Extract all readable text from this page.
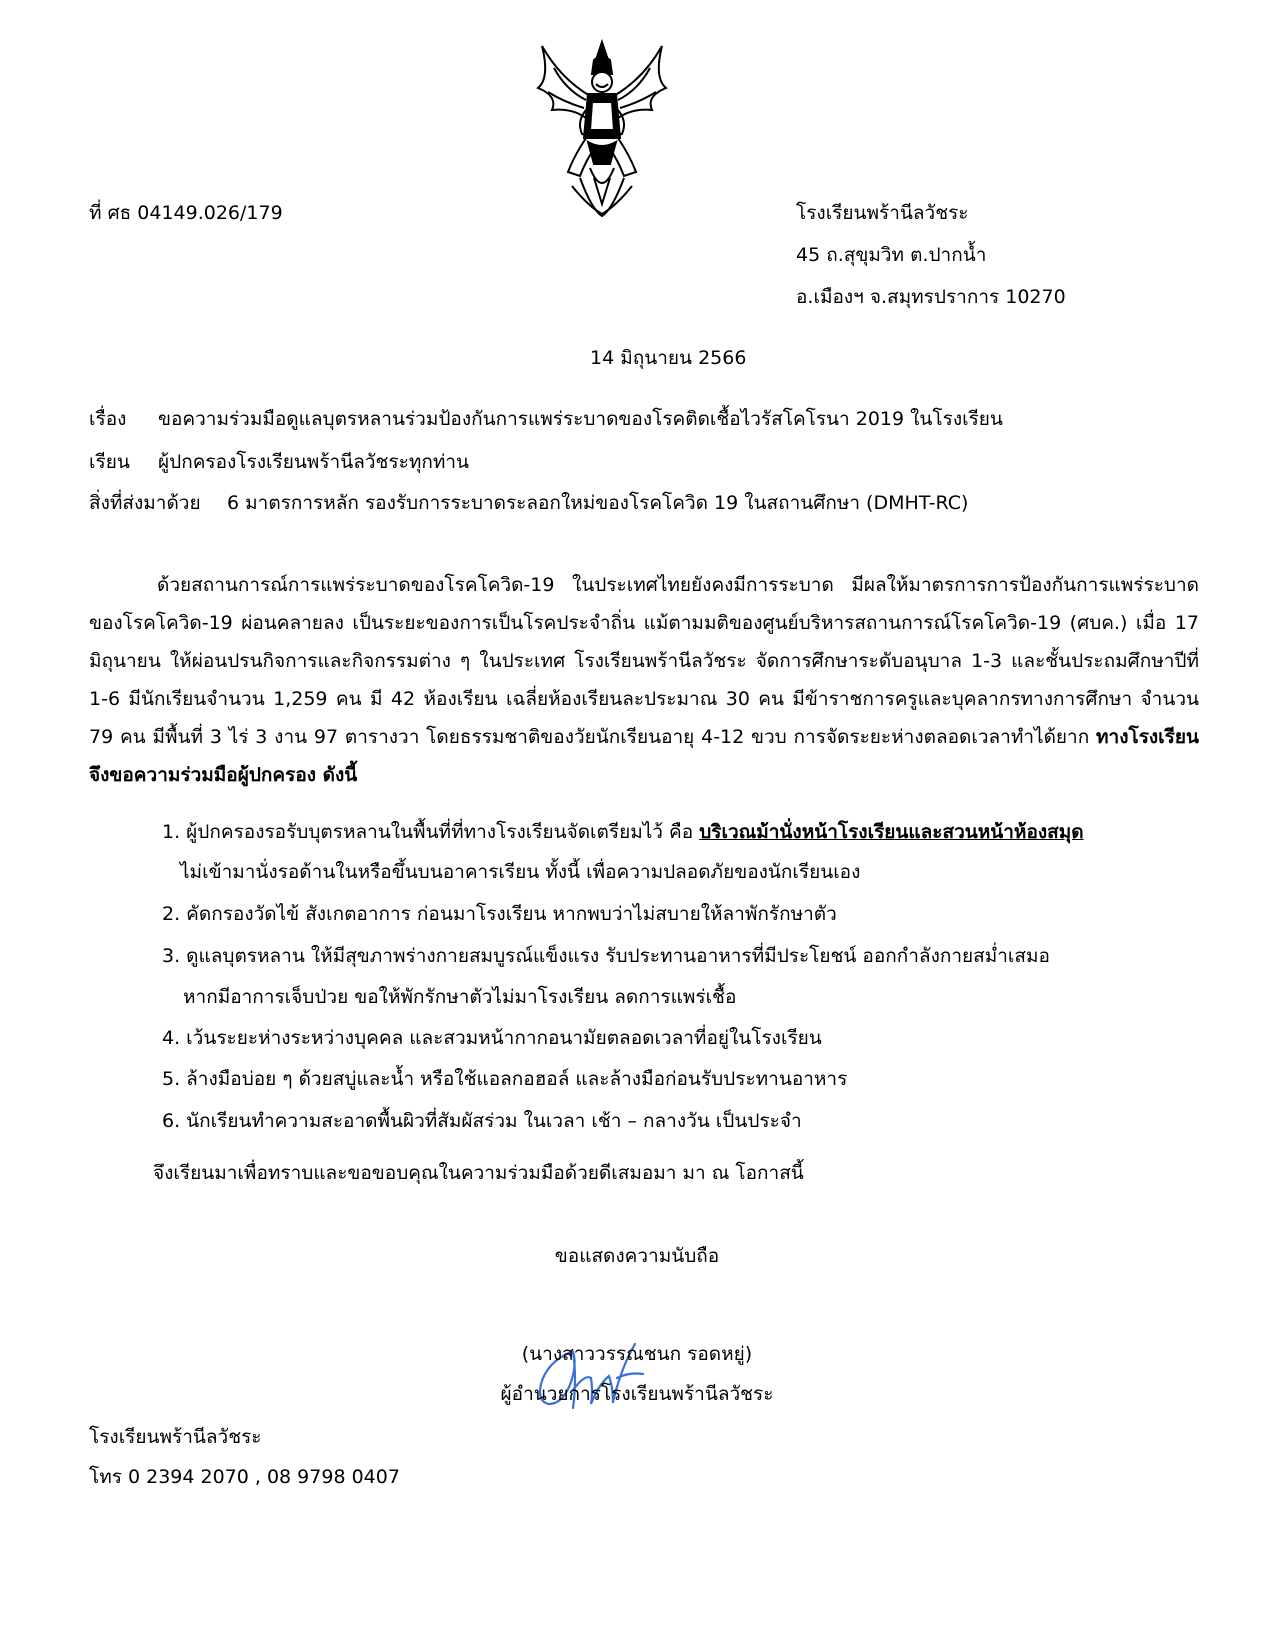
ที่ ศธ 04149.026/179	โรงเรียนพร้านีลวัชระ
45 ถ.สุขุมวิท ต.ปากน้ำ
อ.เมืองฯ จ.สมุทรปราการ 10270
14 มิถุนายน 2566
เรื่อง ขอความร่วมมือดูแลบุตรหลานร่วมป้องกันการแพร่ระบาดของโรคติดเชื้อไวรัสโคโรนา 2019 ในโรงเรียน
เรียน ผู้ปกครองโรงเรียนพร้านีลวัชระทุกท่าน
สิ่งที่ส่งมาด้วย 6 มาตรการหลัก รองรับการระบาดระลอกใหม่ของโรคโควิด 19 ในสถานศึกษา (DMHT-RC)
ด้วยสถานการณ์การแพร่ระบาดของโรคโควิด-19 ในประเทศไทยยังคงมีการระบาด มีผลให้มาตรการการป้องกันการแพร่ระบาดของโรคโควิด-19 ผ่อนคลายลง เป็นระยะของการเป็นโรคประจำถิ่น แม้ตามมติของศูนย์บริหารสถานการณ์โรคโควิด-19 (ศบค.) เมื่อ 17 มิถุนายน ให้ผ่อนปรนกิจการและกิจกรรมต่าง ๆ ในประเทศ โรงเรียนพร้านีลวัชระ จัดการศึกษาระดับอนุบาล 1-3 และชั้นประถมศึกษาปีที่ 1-6 มีนักเรียนจำนวน 1,259 คน มี 42 ห้องเรียน เฉลี่ยห้องเรียนละประมาณ 30 คน มีข้าราชการครูและบุคลากรทางการศึกษา จำนวน 79 คน มีพื้นที่ 3 ไร่ 3 งาน 97 ตารางวา โดยธรรมชาติของวัยนักเรียนอายุ 4-12 ขวบ การจัดระยะห่างตลอดเวลาทำได้ยาก ทางโรงเรียนจึงขอความร่วมมือผู้ปกครอง ดังนี้
1. ผู้ปกครองรอรับบุตรหลานในพื้นที่ที่ทางโรงเรียนจัดเตรียมไว้ คือ บริเวณม้านั่งหน้าโรงเรียนและสวนหน้าห้องสมุด
ไม่เข้ามานั่งรอด้านในหรือขึ้นบนอาคารเรียน ทั้งนี้ เพื่อความปลอดภัยของนักเรียนเอง
2. คัดกรองวัดไข้ สังเกตอาการ ก่อนมาโรงเรียน หากพบว่าไม่สบายให้ลาพักรักษาตัว
3. ดูแลบุตรหลาน ให้มีสุขภาพร่างกายสมบูรณ์แข็งแรง รับประทานอาหารที่มีประโยชน์ ออกกำลังกายสม่ำเสมอ
หากมีอาการเจ็บป่วย ขอให้พักรักษาตัวไม่มาโรงเรียน ลดการแพร่เชื้อ
4. เว้นระยะห่างระหว่างบุคคล และสวมหน้ากากอนามัยตลอดเวลาที่อยู่ในโรงเรียน
5. ล้างมือบ่อย ๆ ด้วยสบู่และน้ำ หรือใช้แอลกอฮอล์ และล้างมือก่อนรับประทานอาหาร
6. นักเรียนทำความสะอาดพื้นผิวที่สัมผัสร่วม ในเวลา เช้า – กลางวัน เป็นประจำ
จึงเรียนมาเพื่อทราบและขอขอบคุณในความร่วมมือด้วยดีเสมอมา มา ณ โอกาสนี้
ขอแสดงความนับถือ
(นางสาววรรณชนก รอดหยู่)
ผู้อำนวยการโรงเรียนพร้านีลวัชระ
โรงเรียนพร้านีลวัชระ
โทร 0 2394 2070 , 08 9798 0407
